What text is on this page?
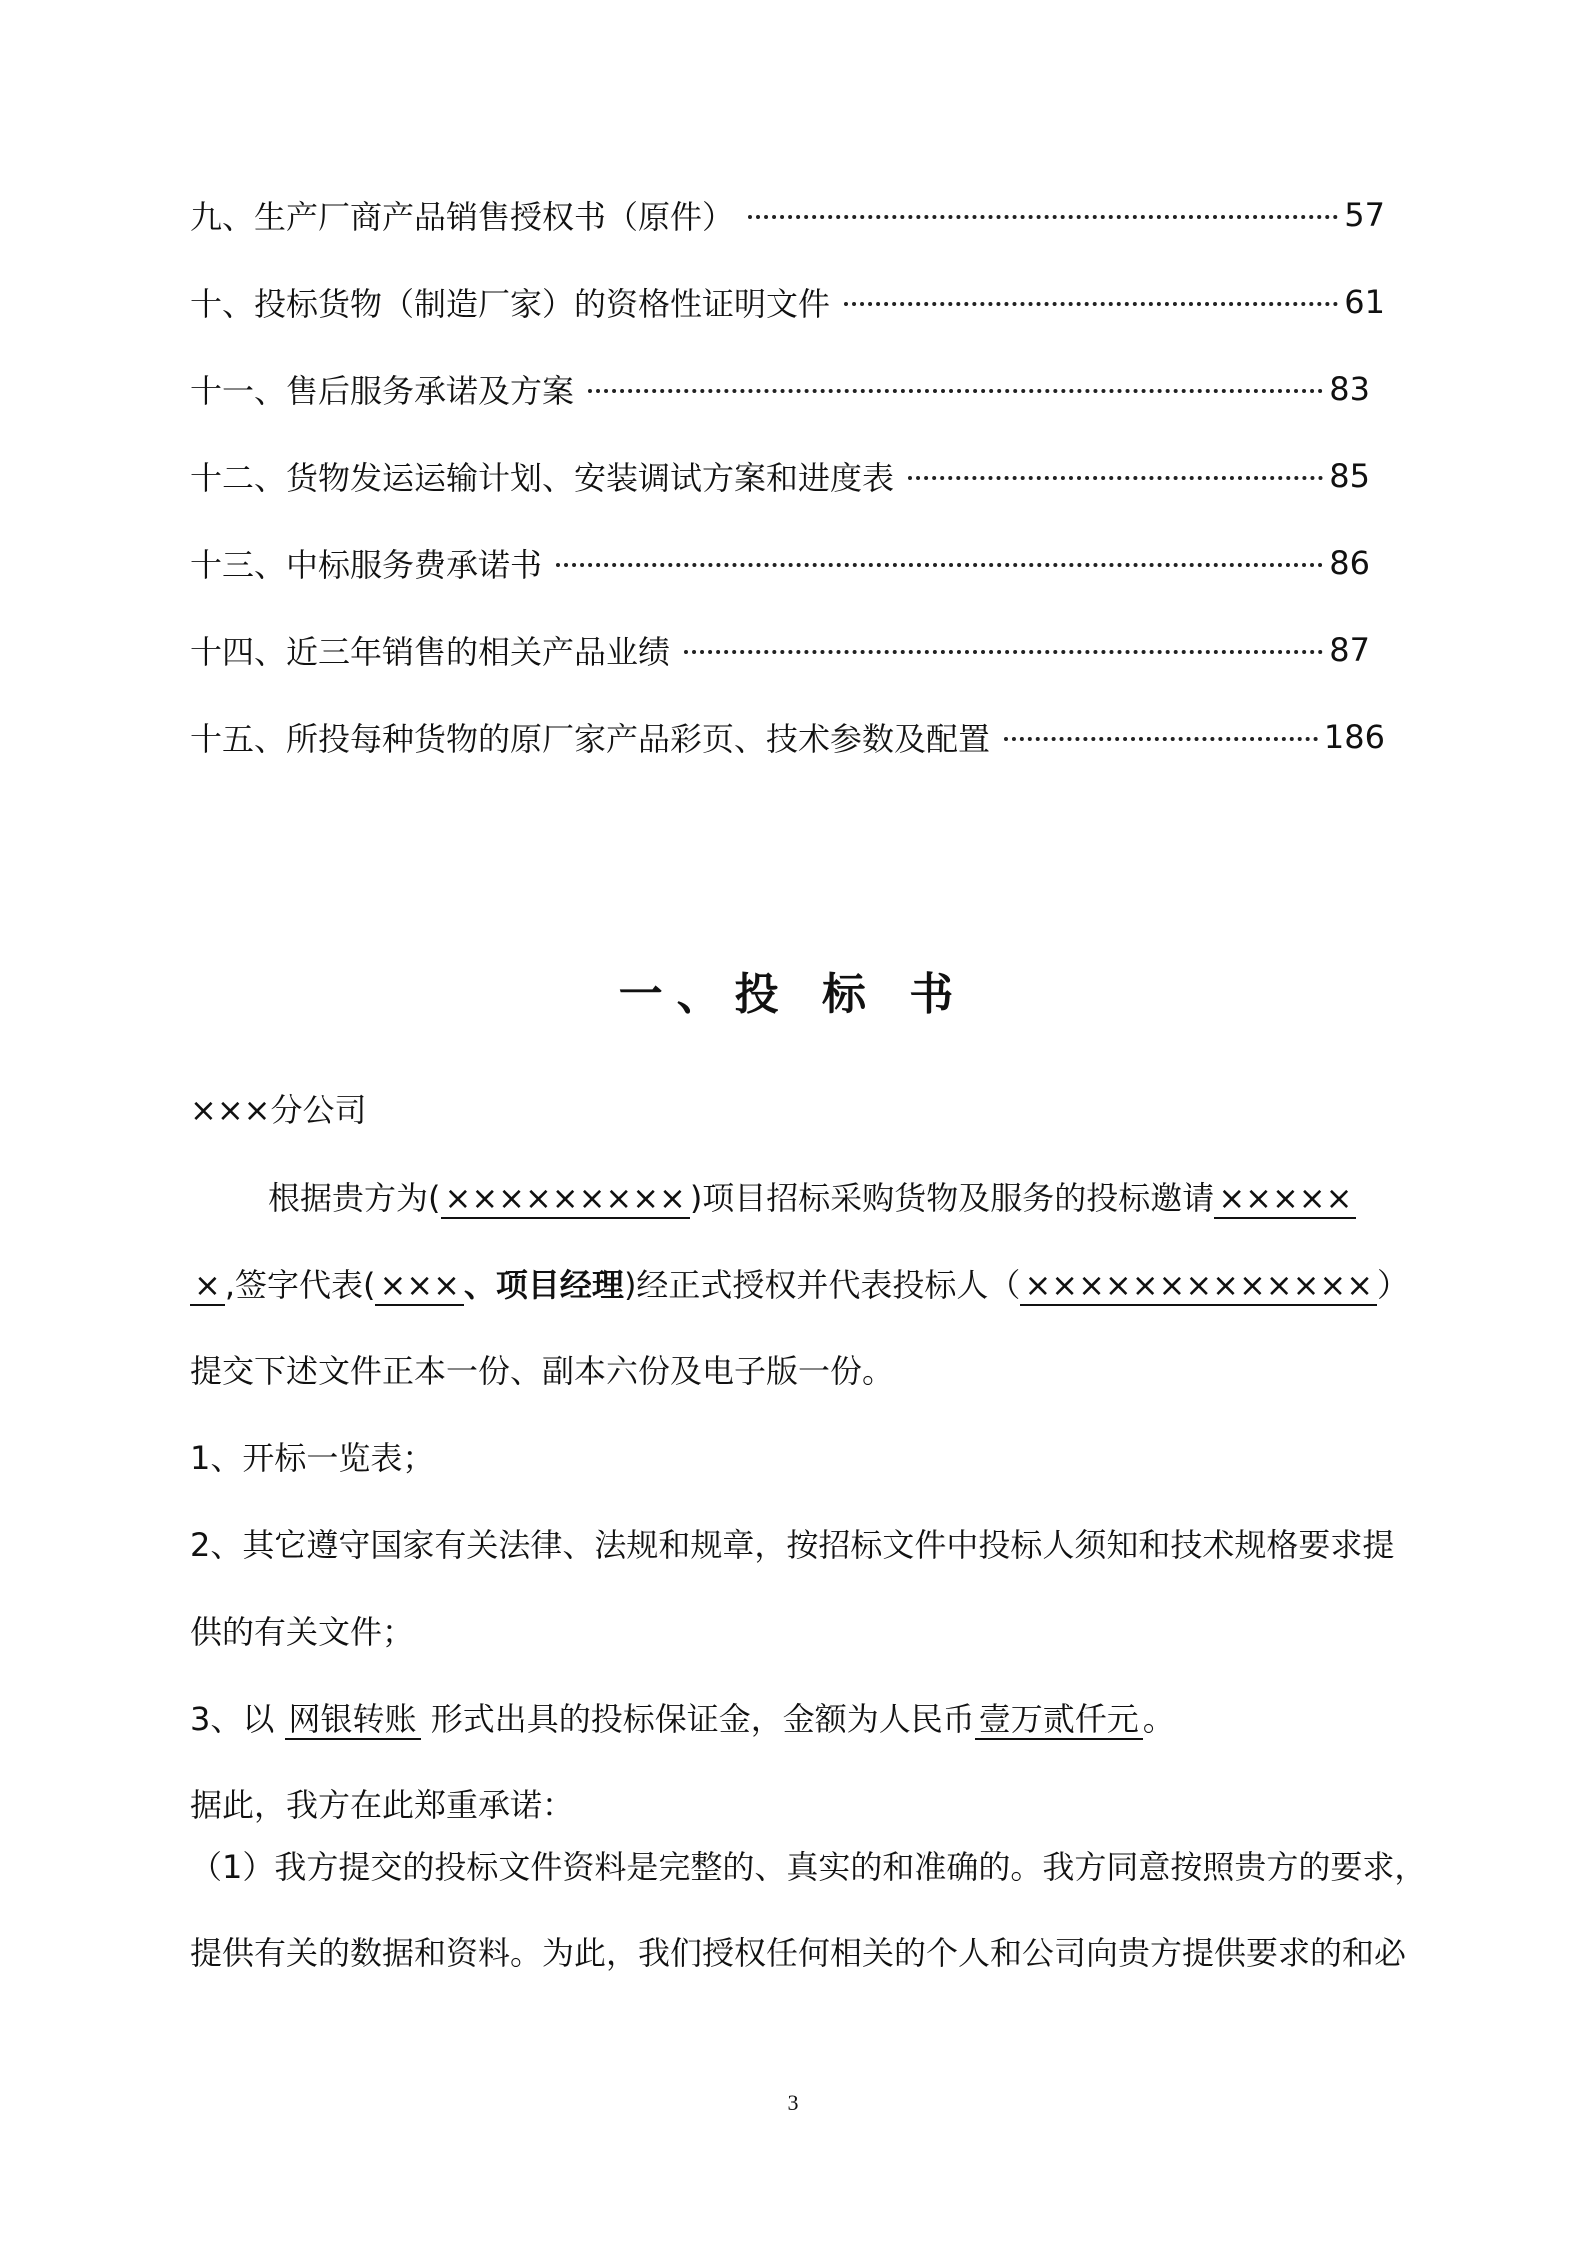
九、生产厂商产品销售授权书（原件）	57
十、投标货物（制造厂家）的资格性证明文件	61
十一、售后服务承诺及方案	83
十二、货物发运运输计划、安装调试方案和进度表	85
十三、中标服务费承诺书	86
十四、近三年销售的相关产品业绩	87
十五、所投每种货物的原厂家产品彩页、技术参数及配置	186
一、投 标 书
×××分公司
根据贵方为( ××××××××× )项目招标采购货物及服务的投标邀请 ×××××
× ,签字代表( ××× 、项目经理)经正式授权并代表投标人（ ××××××××××××× ）
提交下述文件正本一份、副本六份及电子版一份。
1、开标一览表；
2、其它遵守国家有关法律、法规和规章，按招标文件中投标人须知和技术规格要求提
供的有关文件；
3、以 网银转账 形式出具的投标保证金，金额为人民币 壹万贰仟元 。
据此，我方在此郑重承诺：
（1）我方提交的投标文件资料是完整的、真实的和准确的。我方同意按照贵方的要求，
提供有关的数据和资料。为此，我们授权任何相关的个人和公司向贵方提供要求的和必
3
